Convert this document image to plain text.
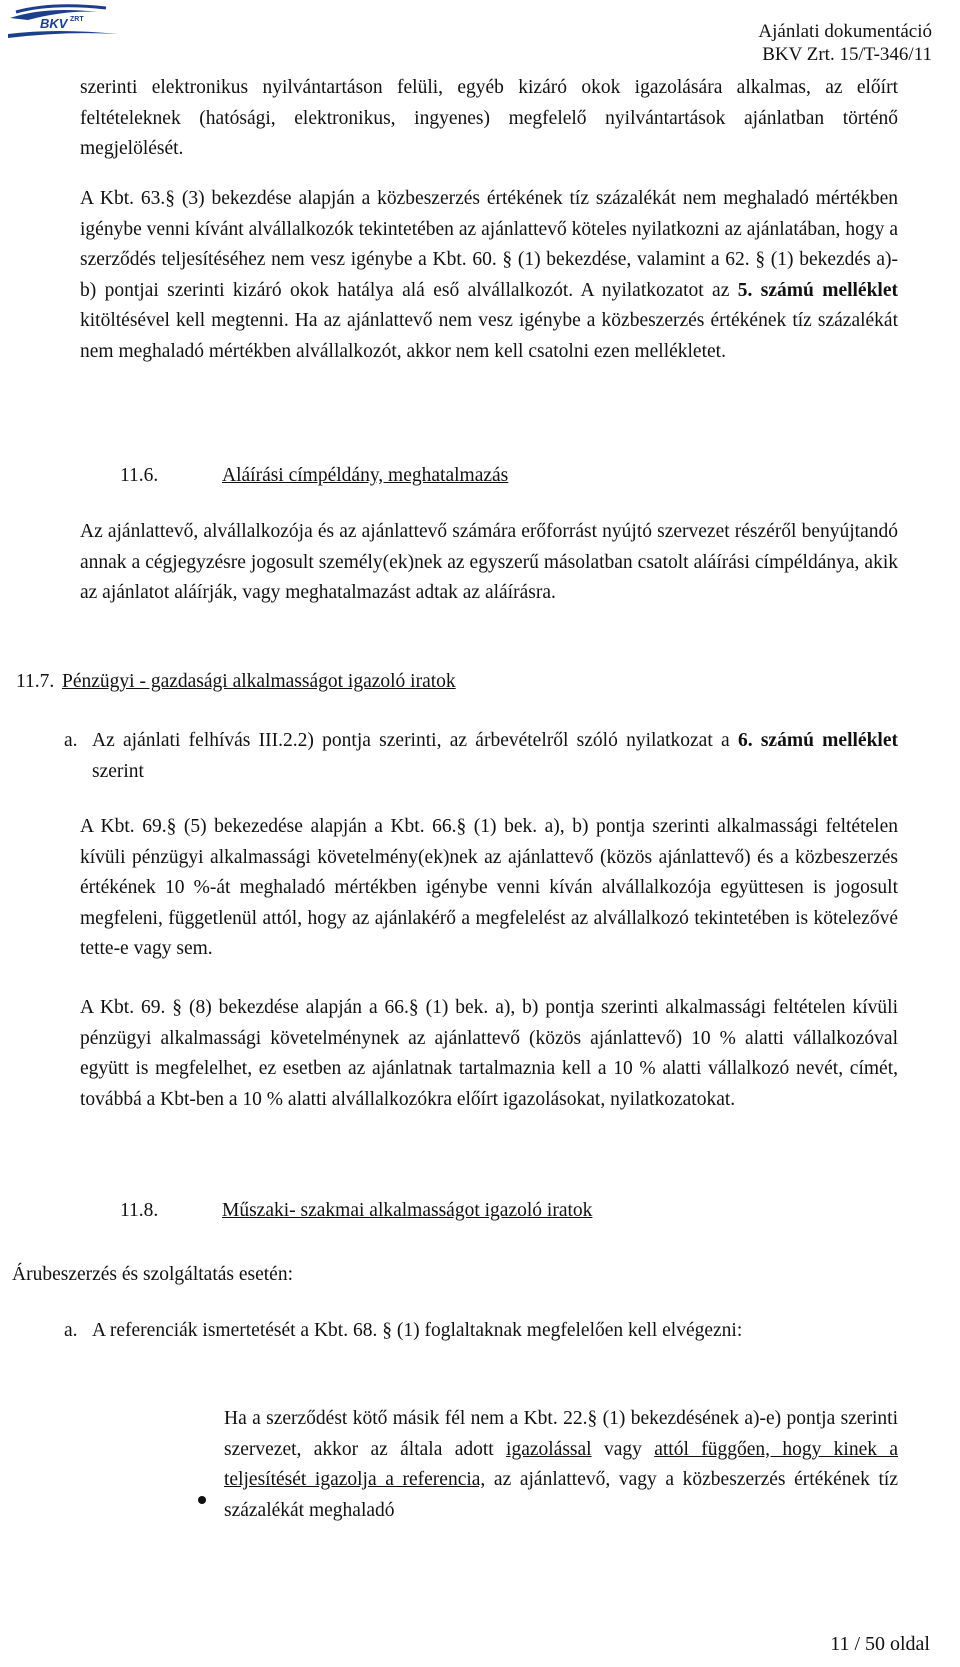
BKV ZRT
Ajánlati dokumentáció
BKV Zrt. 15/T-346/11

szerinti elektronikus nyilvántartáson felüli, egyéb kizáró okok igazolására alkalmas, az előírt feltételeknek (hatósági, elektronikus, ingyenes) megfelelő nyilvántartások ajánlatban történő megjelölését.

A Kbt. 63.§ (3) bekezdése alapján a közbeszerzés értékének tíz százalékát nem meghaladó mértékben igénybe venni kívánt alvállalkozók tekintetében az ajánlattevő köteles nyilatkozni az ajánlatában, hogy a szerződés teljesítéséhez nem vesz igénybe a Kbt. 60. § (1) bekezdése, valamint a 62. § (1) bekezdés a)-b) pontjai szerinti kizáró okok hatálya alá eső alvállalkozót. A nyilatkozatot az 5. számú melléklet kitöltésével kell megtenni. Ha az ajánlattevő nem vesz igénybe a közbeszerzés értékének tíz százalékát nem meghaladó mértékben alvállalkozót, akkor nem kell csatolni ezen mellékletet.

11.6.	Aláírási címpéldány, meghatalmazás

Az ajánlattevő, alvállalkozója és az ajánlattevő számára erőforrást nyújtó szervezet részéről benyújtandó annak a cégjegyzésre jogosult személy(ek)nek az egyszerű másolatban csatolt aláírási címpéldánya, akik az ajánlatot aláírják, vagy meghatalmazást adtak az aláírásra.

11.7. Pénzügyi - gazdasági alkalmasságot igazoló iratok
a. Az ajánlati felhívás III.2.2) pontja szerinti, az árbevételről szóló nyilatkozat a 6. számú melléklet szerint

A Kbt. 69.§ (5) bekezedése alapján a Kbt. 66.§ (1) bek. a), b) pontja szerinti alkalmassági feltételen kívüli pénzügyi alkalmassági követelmény(ek)nek az ajánlattevő (közös ajánlattevő) és a közbeszerzés értékének 10 %-át meghaladó mértékben igénybe venni kíván alvállalkozója együttesen is jogosult megfeleni, függetlenül attól, hogy az ajánlakérő a megfelelést az alvállalkozó tekintetében is kötelezővé tette-e vagy sem.

A Kbt. 69. § (8) bekezdése alapján a 66.§ (1) bek. a), b) pontja szerinti alkalmassági feltételen kívüli pénzügyi alkalmassági követelménynek az ajánlattevő (közös ajánlattevő) 10 % alatti vállalkozóval együtt is megfelelhet, ez esetben az ajánlatnak tartalmaznia kell a 10 % alatti vállalkozó nevét, címét, továbbá a Kbt-ben a 10 % alatti alvállalkozókra előírt igazolásokat, nyilatkozatokat.

11.8.	Műszaki- szakmai alkalmasságot igazoló iratok
Árubeszerzés és szolgáltatás esetén:
a. A referenciák ismertetését a Kbt. 68. § (1) foglaltaknak megfelelően kell elvégezni:

Ha a szerződést kötő másik fél nem a Kbt. 22.§ (1) bekezdésének a)-e) pontja szerinti szervezet, akkor az általa adott igazolással vagy attól függően, hogy kinek a teljesítését igazolja a referencia, az ajánlattevő, vagy a közbeszerzés értékének tíz százalékát meghaladó

11 / 50 oldal
